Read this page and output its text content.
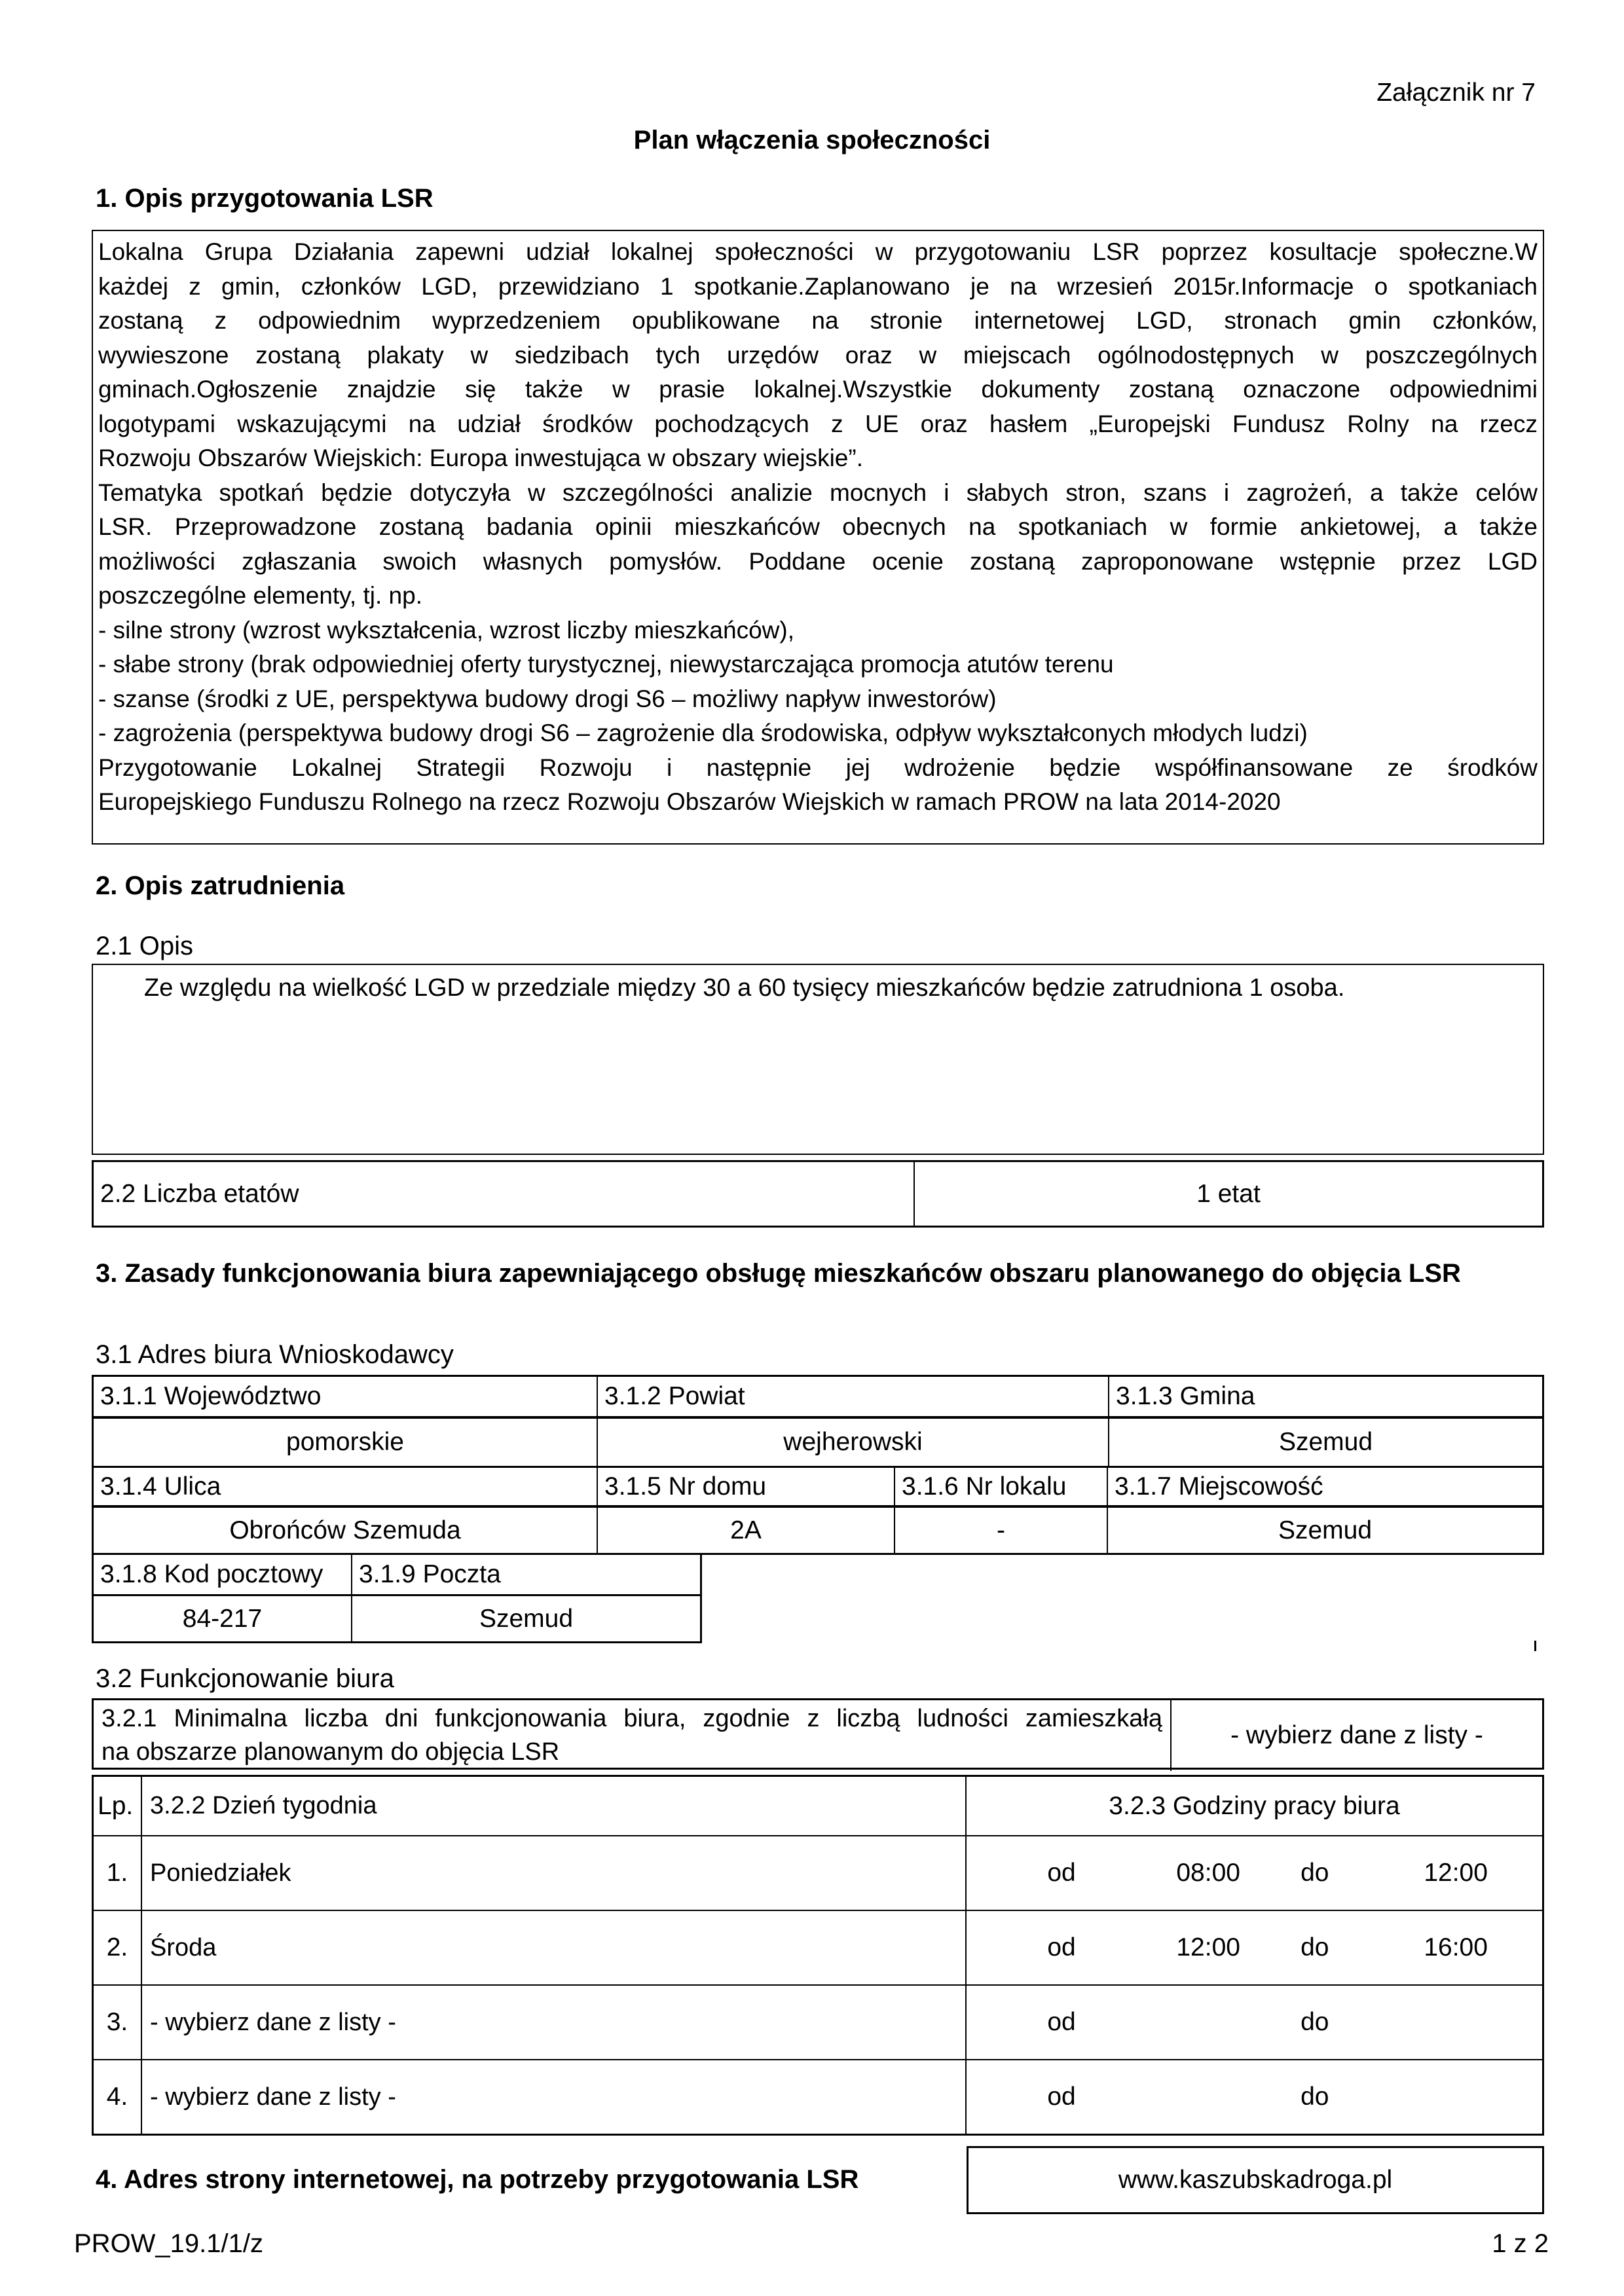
Załącznik nr 7
Plan włączenia społeczności
1. Opis przygotowania LSR
Lokalna Grupa Działania zapewni udział lokalnej społeczności w przygotowaniu LSR poprzez kosultacje społeczne.W
każdej z gmin, członków LGD, przewidziano 1 spotkanie.Zaplanowano je na wrzesień 2015r.Informacje o spotkaniach
zostaną z odpowiednim wyprzedzeniem opublikowane na stronie internetowej LGD, stronach gmin członków,
wywieszone zostaną plakaty w siedzibach tych urzędów oraz w miejscach ogólnodostępnych w poszczególnych
gminach.Ogłoszenie znajdzie się także w prasie lokalnej.Wszystkie dokumenty zostaną oznaczone odpowiednimi
logotypami wskazującymi na udział środków pochodzących z UE oraz hasłem „Europejski Fundusz Rolny na rzecz
Rozwoju Obszarów Wiejskich: Europa inwestująca w obszary wiejskie”.
Tematyka spotkań będzie dotyczyła w szczególności analizie mocnych i słabych stron, szans i zagrożeń, a także celów
LSR. Przeprowadzone zostaną badania opinii mieszkańców obecnych na spotkaniach w formie ankietowej, a także
możliwości zgłaszania swoich własnych pomysłów. Poddane ocenie zostaną zaproponowane wstępnie przez LGD
poszczególne elementy, tj. np.
- silne strony (wzrost wykształcenia, wzrost liczby mieszkańców),
- słabe strony (brak odpowiedniej oferty turystycznej, niewystarczająca promocja atutów terenu
- szanse (środki z UE, perspektywa budowy drogi S6 – możliwy napływ inwestorów)
- zagrożenia (perspektywa budowy drogi S6 – zagrożenie dla środowiska, odpływ wykształconych młodych ludzi)
Przygotowanie Lokalnej Strategii Rozwoju i następnie jej wdrożenie będzie współfinansowane ze środków
Europejskiego Funduszu Rolnego na rzecz Rozwoju Obszarów Wiejskich w ramach PROW na lata 2014-2020
2. Opis zatrudnienia
2.1 Opis
Ze względu na wielkość LGD w przedziale między 30 a 60 tysięcy mieszkańców będzie zatrudniona 1 osoba.
2.2 Liczba etatów	1 etat
3. Zasady funkcjonowania biura zapewniającego obsługę mieszkańców obszaru planowanego do objęcia LSR
3.1 Adres biura Wnioskodawcy
3.1.1 Województwo	3.1.2 Powiat	3.1.3 Gmina
pomorskie	wejherowski	Szemud
3.1.4 Ulica	3.1.5 Nr domu	3.1.6 Nr lokalu	3.1.7 Miejscowość
Obrońców Szemuda	2A	-	Szemud
3.1.8 Kod pocztowy	3.1.9 Poczta
84-217	Szemud
3.2 Funkcjonowanie biura
3.2.1 Minimalna liczba dni funkcjonowania biura, zgodnie z liczbą ludności zamieszkałą
na obszarze planowanym do objęcia LSR
- wybierz dane z listy -
Lp. 3.2.2 Dzień tygodnia	3.2.3 Godziny pracy biura
1. Poniedziałek	od	08:00 do	12:00
2. Środa	od	12:00 do	16:00
3. - wybierz dane z listy -	od	do
4. - wybierz dane z listy -	od	do
4. Adres strony internetowej, na potrzeby przygotowania LSR	www.kaszubskadroga.pl
PROW_19.1/1/z	1 z 2
